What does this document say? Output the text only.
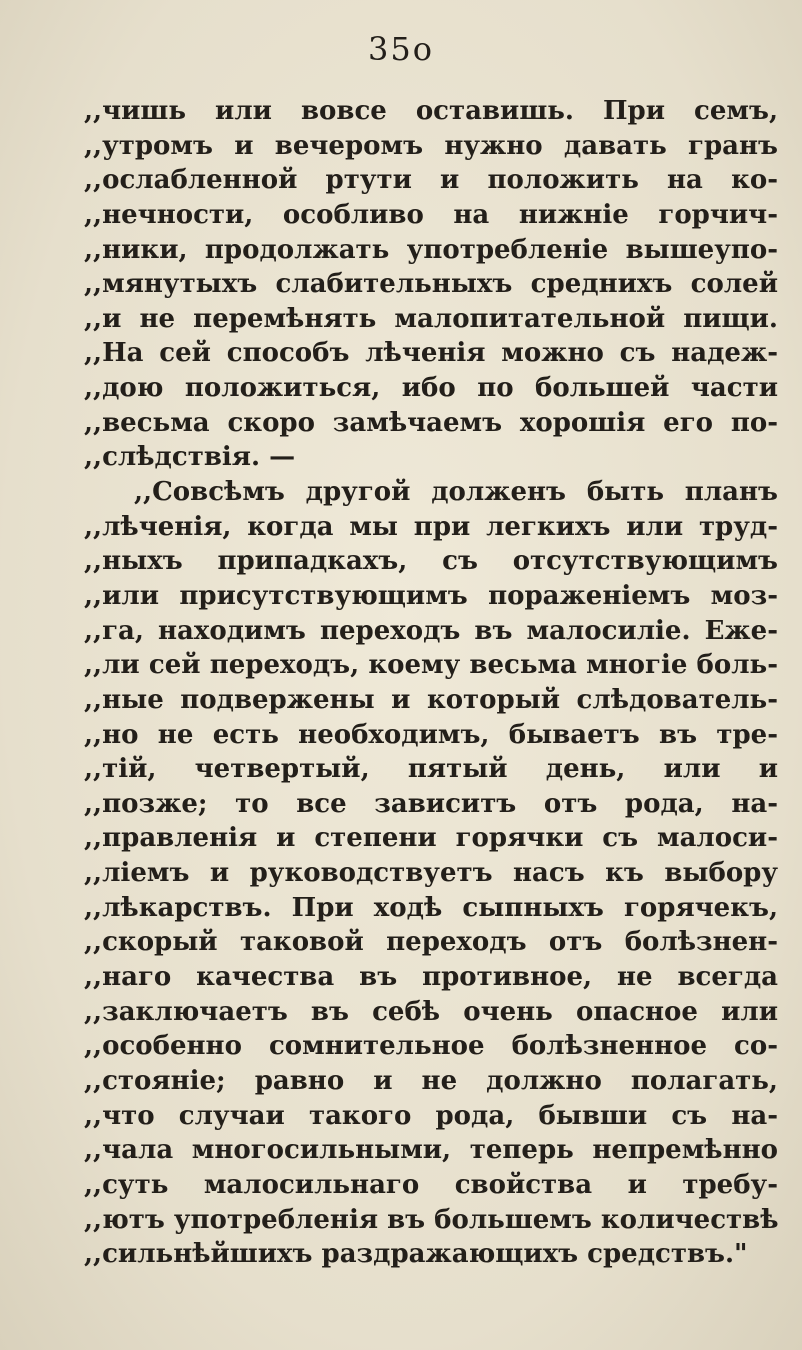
35о
,,чишь или вовсе оставишь. При семъ,
,,утромъ и вечеромъ нужно давать гранъ
,,ослабленной ртути и положить на ко-
,,нечности, особливо на нижніе горчич-
,,ники, продолжать употребленіе вышеупо-
,,мянутыхъ слабительныхъ среднихъ солей
,,и не перемѣнять малопитательной пищи.
,,На сей способъ лѣченія можно съ надеж-
,,дою положиться, ибо по большей части
,,весьма скоро замѣчаемъ хорошія его по-
,,слѣдствія. —
,,Совсѣмъ другой долженъ быть планъ
,,лѣченія, когда мы при легкихъ или труд-
,,ныхъ припадкахъ, съ отсутствующимъ
,,или присутствующимъ пораженіемъ моз-
,,га, находимъ переходъ въ малосиліе. Еже-
,,ли сей переходъ, коему весьма многіе боль-
,,ные подвержены и который слѣдователь-
,,но не есть необходимъ, бываетъ въ тре-
,,тій, четвертый, пятый день, или и
,,позже; то все зависитъ отъ рода, на-
,,правленія и степени горячки съ малоси-
,,ліемъ и руководствуетъ насъ къ выбору
,,лѣкарствъ. При ходѣ сыпныхъ горячекъ,
,,скорый таковой переходъ отъ болѣзнен-
,,наго качества въ противное, не всегда
,,заключаетъ въ себѣ очень опасное или
,,особенно сомнительное болѣзненное со-
,,стояніе; равно и не должно полагать,
,,что случаи такого рода, бывши съ на-
,,чала многосильными, теперь непремѣнно
,,суть малосильнаго свойства и требу-
,,ютъ употребленія въ большемъ количествѣ
,,сильнѣйшихъ раздражающихъ средствъ."
